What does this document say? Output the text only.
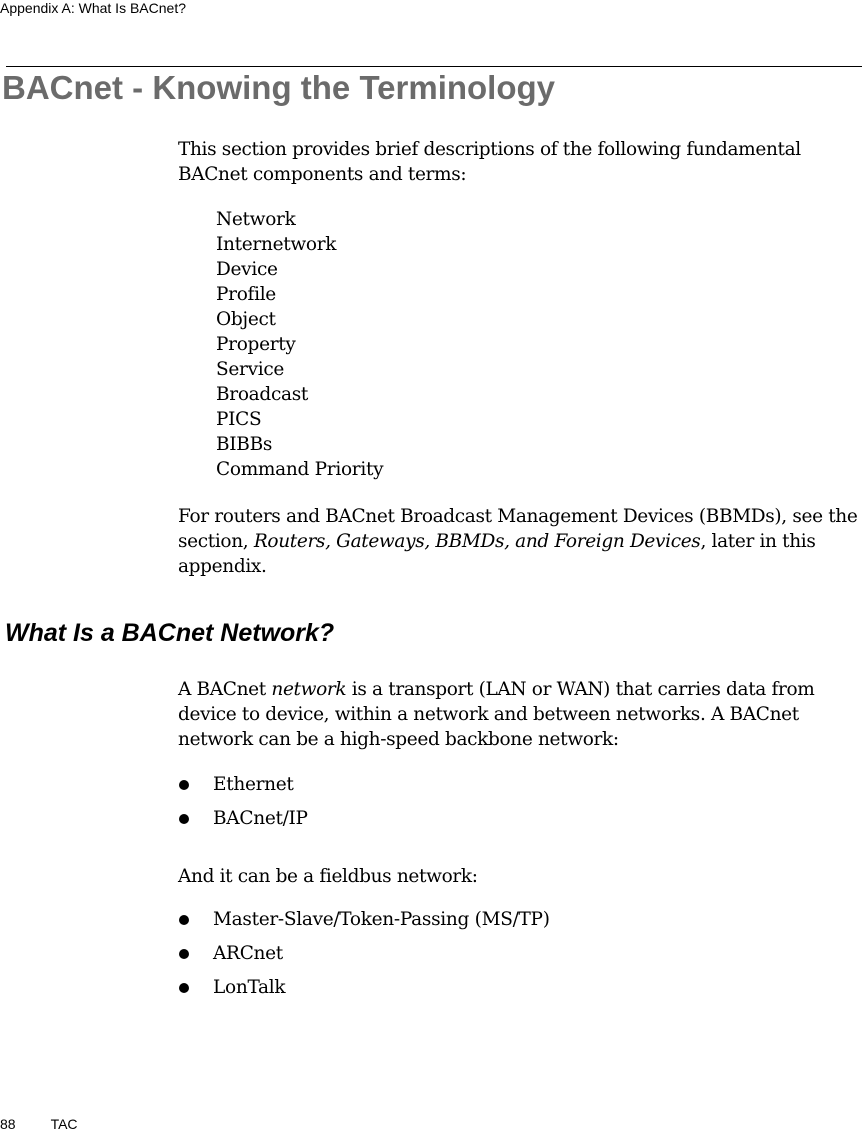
Appendix A: What Is BACnet?
BACnet - Knowing the Terminology

This section provides brief descriptions of the following fundamental BACnet components and terms:

Network
Internetwork
Device
Profile
Object
Property
Service
Broadcast
PICS
BIBBs
Command Priority

For routers and BACnet Broadcast Management Devices (BBMDs), see the section, Routers, Gateways, BBMDs, and Foreign Devices, later in this appendix.

What Is a BACnet Network?

A BACnet network is a transport (LAN or WAN) that carries data from device to device, within a network and between networks. A BACnet network can be a high-speed backbone network:

Ethernet
BACnet/IP

And it can be a fieldbus network:

Master-Slave/Token-Passing (MS/TP)
ARCnet
LonTalk
88	TAC
